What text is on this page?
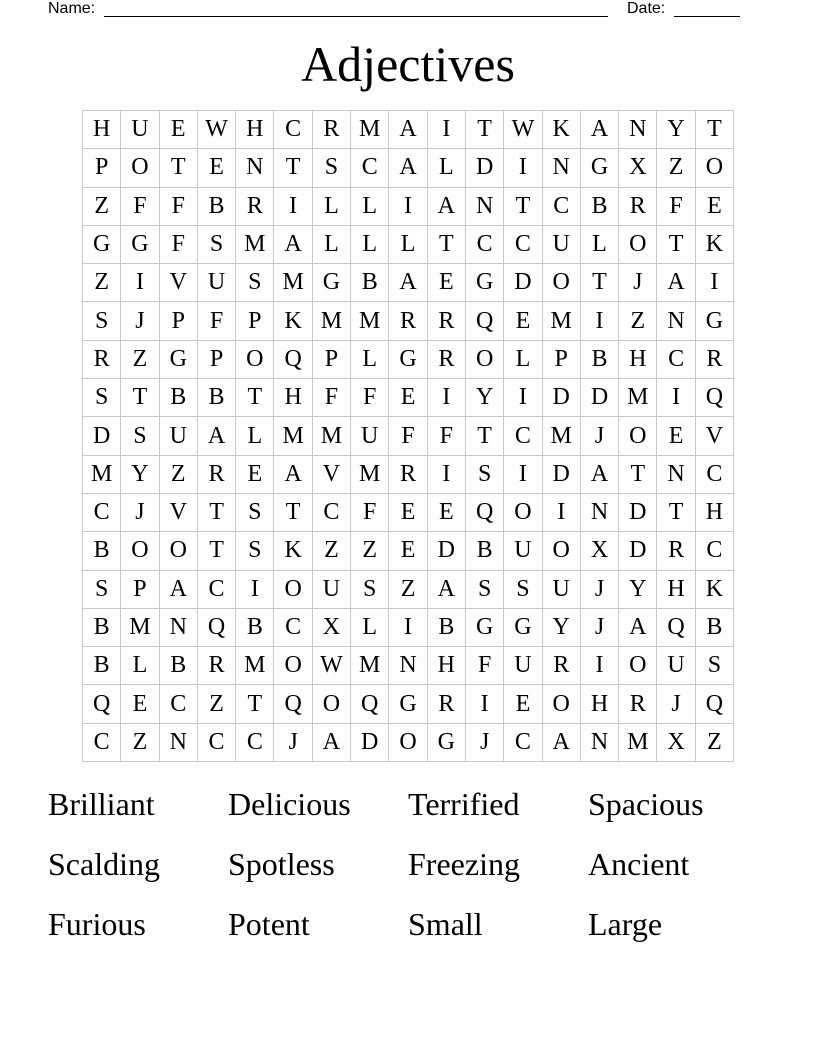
Name:	Date:
Adjectives
H U E W H C R M A	I	T W K A N Y T
P O T E N T	S C A L D	I	N G X Z O
Z	F	F B R	I	L L	I	A N T C B R F	E
G G F	S M A L L L T C C U L O T K
Z	I	V U S M G B A E G D O T	J	A	I
S	J	P	F	P K M M R R Q E M I	Z N G
R Z G P O Q P	L G R O L	P B H C R
S	T B B T H F	F	E	I	Y	I	D D M I	Q
D S U A L M M U F	F	T C M J	O E V
M Y Z R E A V M R	I	S	I	D A T N C
C	J	V T	S	T C F	E E Q O	I	N D T H
B O O T	S K Z Z E D B U O X D R C
S	P A C	I	O U S	Z A S	S U	J	Y H K
B M N Q B C X L	I	B G G Y	J	A Q B
B L B R M O W M N H F U R	I	O U S
Q E C Z T Q O Q G R	I	E O H R	J	Q
C Z N C C	J	A D O G	J	C A N M X Z
Brilliant	Delicious	Terrified	Spacious
Scalding	Spotless	Freezing	Ancient
Furious	Potent	Small	Large
